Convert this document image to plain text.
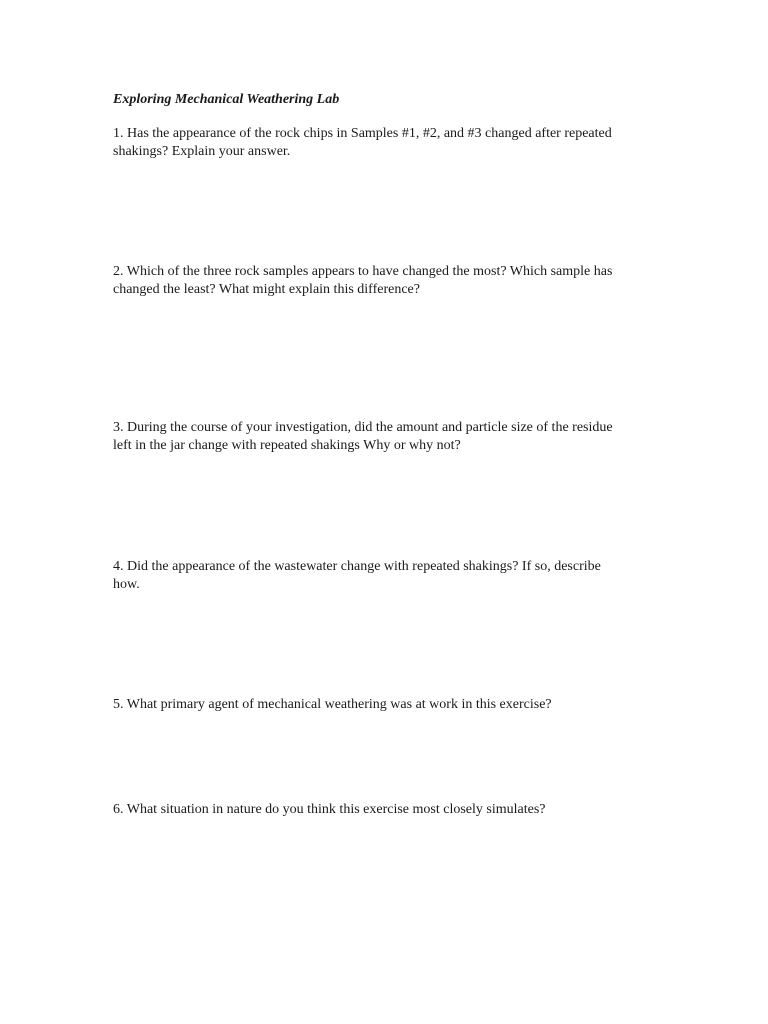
Exploring Mechanical Weathering Lab
1. Has the appearance of the rock chips in Samples #1, #2, and #3 changed after repeated
shakings? Explain your answer.
2. Which of the three rock samples appears to have changed the most? Which sample has
changed the least? What might explain this difference?
3. During the course of your investigation, did the amount and particle size of the residue
left in the jar change with repeated shakings Why or why not?
4. Did the appearance of the wastewater change with repeated shakings? If so, describe
how.
5. What primary agent of mechanical weathering was at work in this exercise?
6. What situation in nature do you think this exercise most closely simulates?
